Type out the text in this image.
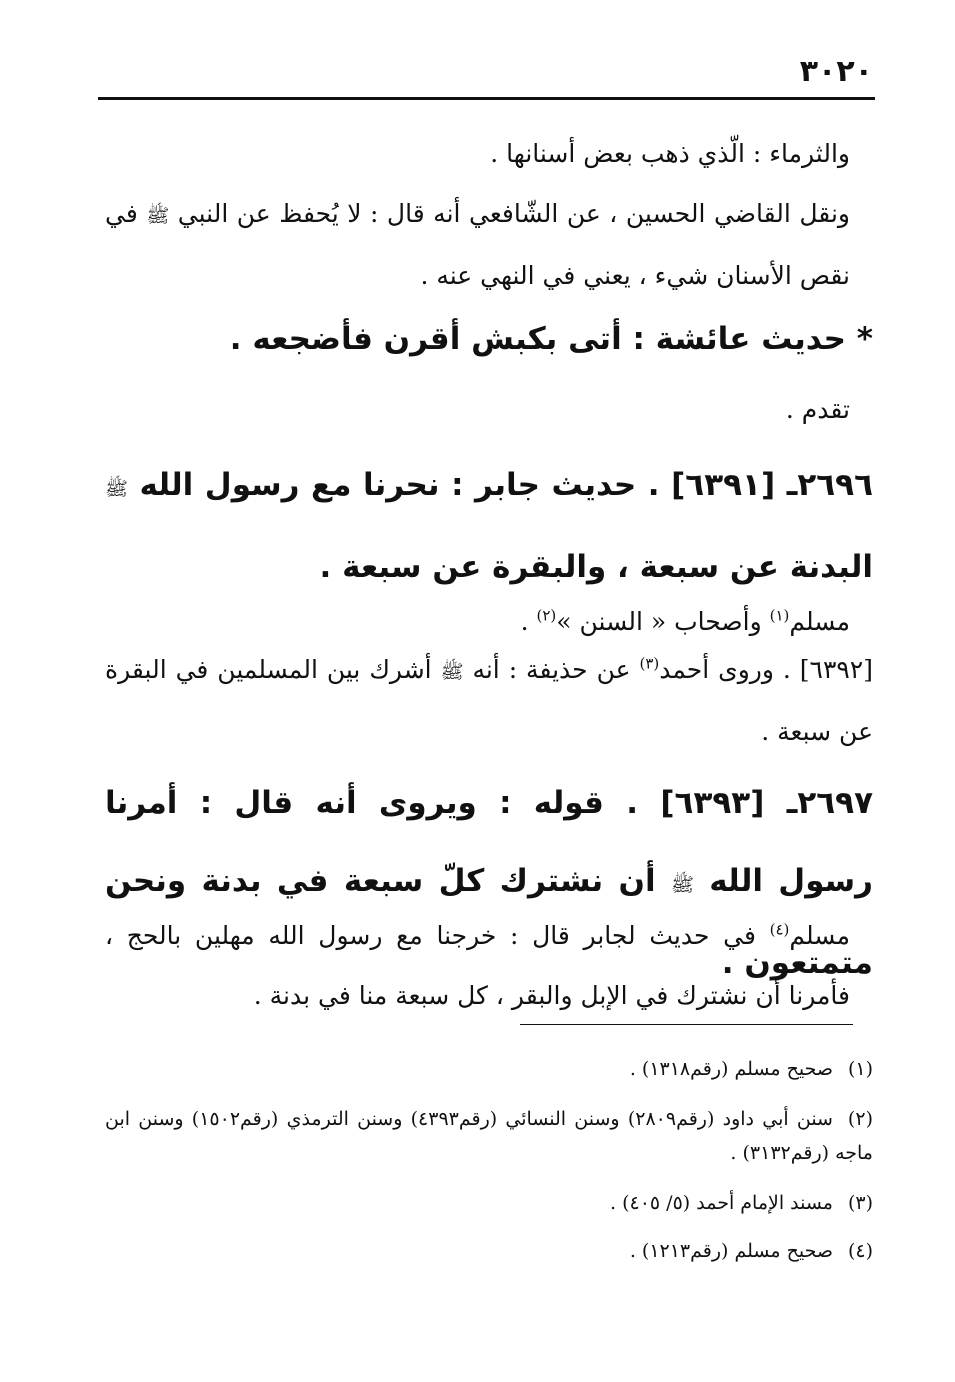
٣٠٢٠

والثرماء : الّذي ذهب بعض أسنانها .

ونقل القاضي الحسين ، عن الشّافعي أنه قال : لا يُحفظ عن النبي ﷺ في نقص الأسنان شيء ، يعني في النهي عنه .

* حديث عائشة : أتى بكبش أقرن فأضجعه .

تقدم .

٢٦٩٦ـ [٦٣٩١] . حديث جابر : نحرنا مع رسول الله ﷺ البدنة عن سبعة ، والبقرة عن سبعة .

مسلم$^{(١)}$ وأصحاب « السنن »$^{(٢)}$ .

[٦٣٩٢] . وروى أحمد$^{(٣)}$ عن حذيفة : أنه ﷺ أشرك بين المسلمين في البقرة عن سبعة .

٢٦٩٧ـ [٦٣٩٣] . قوله : ويروى أنه قال : أمرنا رسول الله ﷺ أن نشترك كلّ سبعة في بدنة ونحن متمتعون .

مسلم$^{(٤)}$ في حديث لجابر قال : خرجنا مع رسول الله مهلين بالحج ، فأمرنا أن نشترك في الإبل والبقر ، كل سبعة منا في بدنة .

(١)صحيح مسلم (رقم١٣١٨) .

(٢)سنن أبي داود (رقم٢٨٠٩) وسنن النسائي (رقم٤٣٩٣) وسنن الترمذي (رقم١٥٠٢) وسنن ابن ماجه (رقم٣١٣٢) .

(٣)مسند الإمام أحمد (٥/ ٤٠٥) .

(٤)صحيح مسلم (رقم١٢١٣) .
